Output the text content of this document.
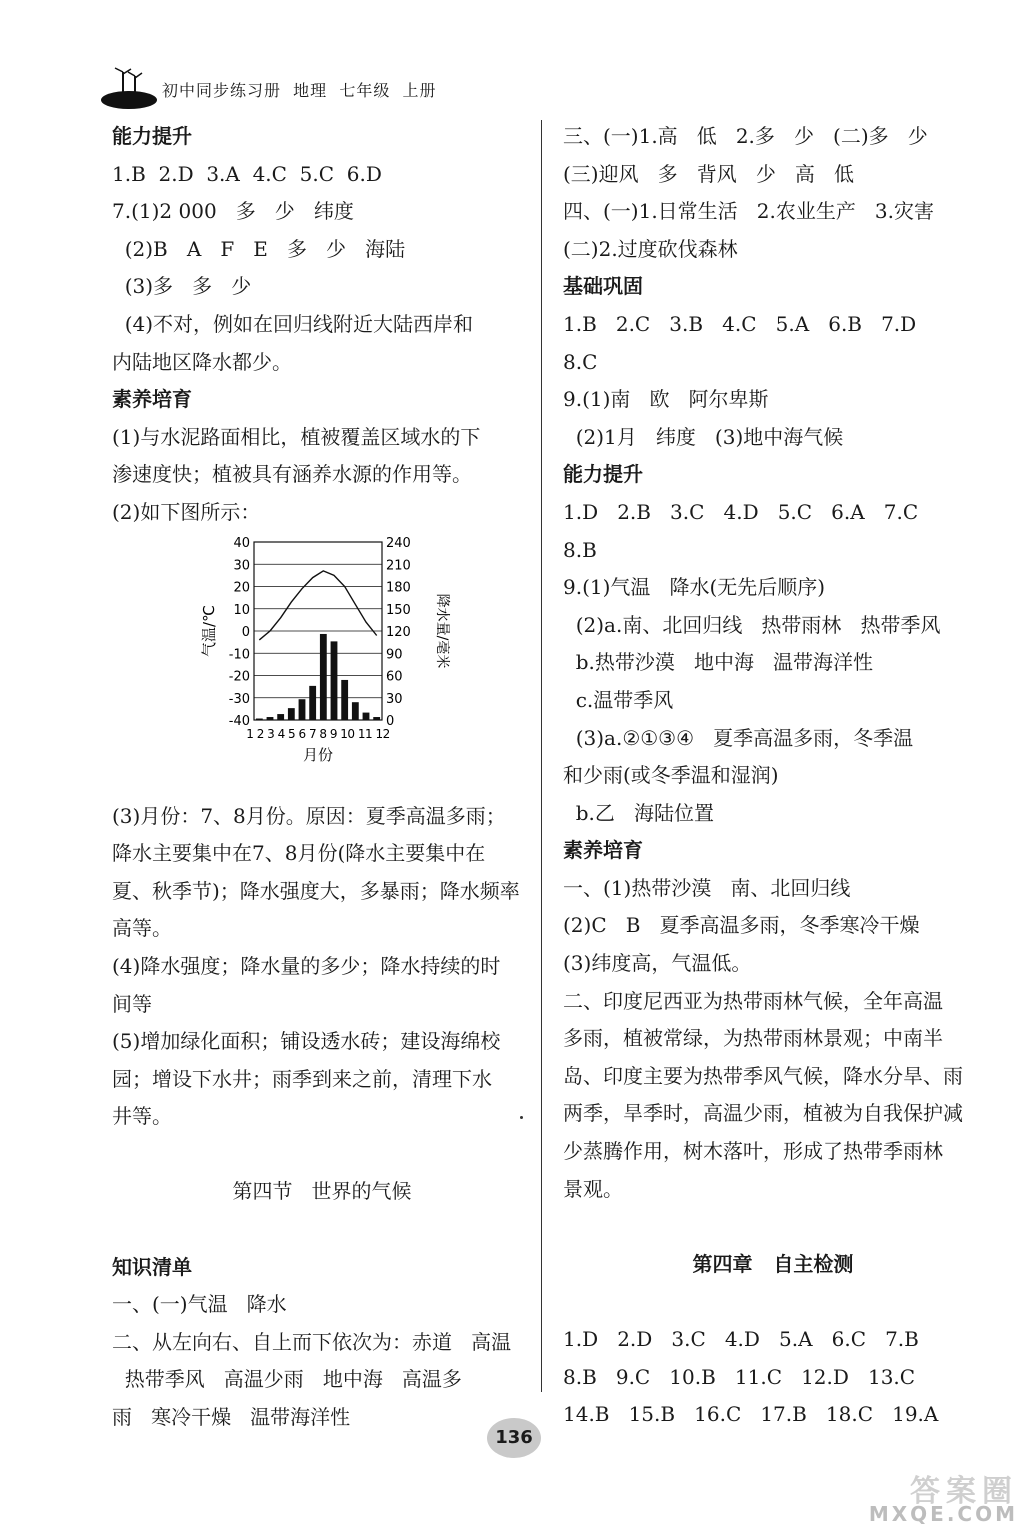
初中同步练习册  地理  七年级  上册
能力提升
1.B  2.D  3.A  4.C  5.C  6.D
7.(1)2 000   多   少   纬度
(2)B   A   F   E   多   少   海陆
(3)多   多   少
(4)不对，例如在回归线附近大陆西岸和
内陆地区降水都少。
素养培育
(1)与水泥路面相比，植被覆盖区域水的下
渗速度快；植被具有涵养水源的作用等。
(2)如下图所示：
40	240
30	210
20	180
10	150
0	120
-10	90
-20	60
-30	30
-40	0
1 2 3 4 5 6 7 8 9 10 11 12
月份
气温/℃	降水量/毫米
(3)月份：7、8月份。原因：夏季高温多雨；
降水主要集中在7、8月份(降水主要集中在
夏、秋季节)；降水强度大，多暴雨；降水频率
高等。
(4)降水强度；降水量的多少；降水持续的时
间等
(5)增加绿化面积；铺设透水砖；建设海绵校
园；增设下水井；雨季到来之前，清理下水
井等。
第四节   世界的气候
知识清单
一、(一)气温   降水
二、从左向右、自上而下依次为：赤道   高温
热带季风   高温少雨   地中海   高温多
雨   寒冷干燥   温带海洋性
三、(一)1.高   低   2.多   少   (二)多   少
(三)迎风   多   背风   少   高   低
四、(一)1.日常生活   2.农业生产   3.灾害
(二)2.过度砍伐森林
基础巩固
1.B   2.C   3.B   4.C   5.A   6.B   7.D
8.C
9.(1)南   欧   阿尔卑斯
(2)1月   纬度   (3)地中海气候
能力提升
1.D   2.B   3.C   4.D   5.C   6.A   7.C
8.B
9.(1)气温   降水(无先后顺序)
(2)a.南、北回归线   热带雨林   热带季风
b.热带沙漠   地中海   温带海洋性
c.温带季风
(3)a.②①③④   夏季高温多雨，冬季温
和少雨(或冬季温和湿润)
b.乙   海陆位置
素养培育
一、(1)热带沙漠   南、北回归线
(2)C   B   夏季高温多雨，冬季寒冷干燥
(3)纬度高，气温低。
二、印度尼西亚为热带雨林气候，全年高温
多雨，植被常绿，为热带雨林景观；中南半
岛、印度主要为热带季风气候，降水分旱、雨
两季，旱季时，高温少雨，植被为自我保护减
少蒸腾作用，树木落叶，形成了热带季雨林
景观。
第四章   自主检测
1.D   2.D   3.C   4.D   5.A   6.C   7.B
8.B   9.C   10.B   11.C   12.D   13.C
14.B   15.B   16.C   17.B   18.C   19.A
136
答案圈
MXQE.COM
